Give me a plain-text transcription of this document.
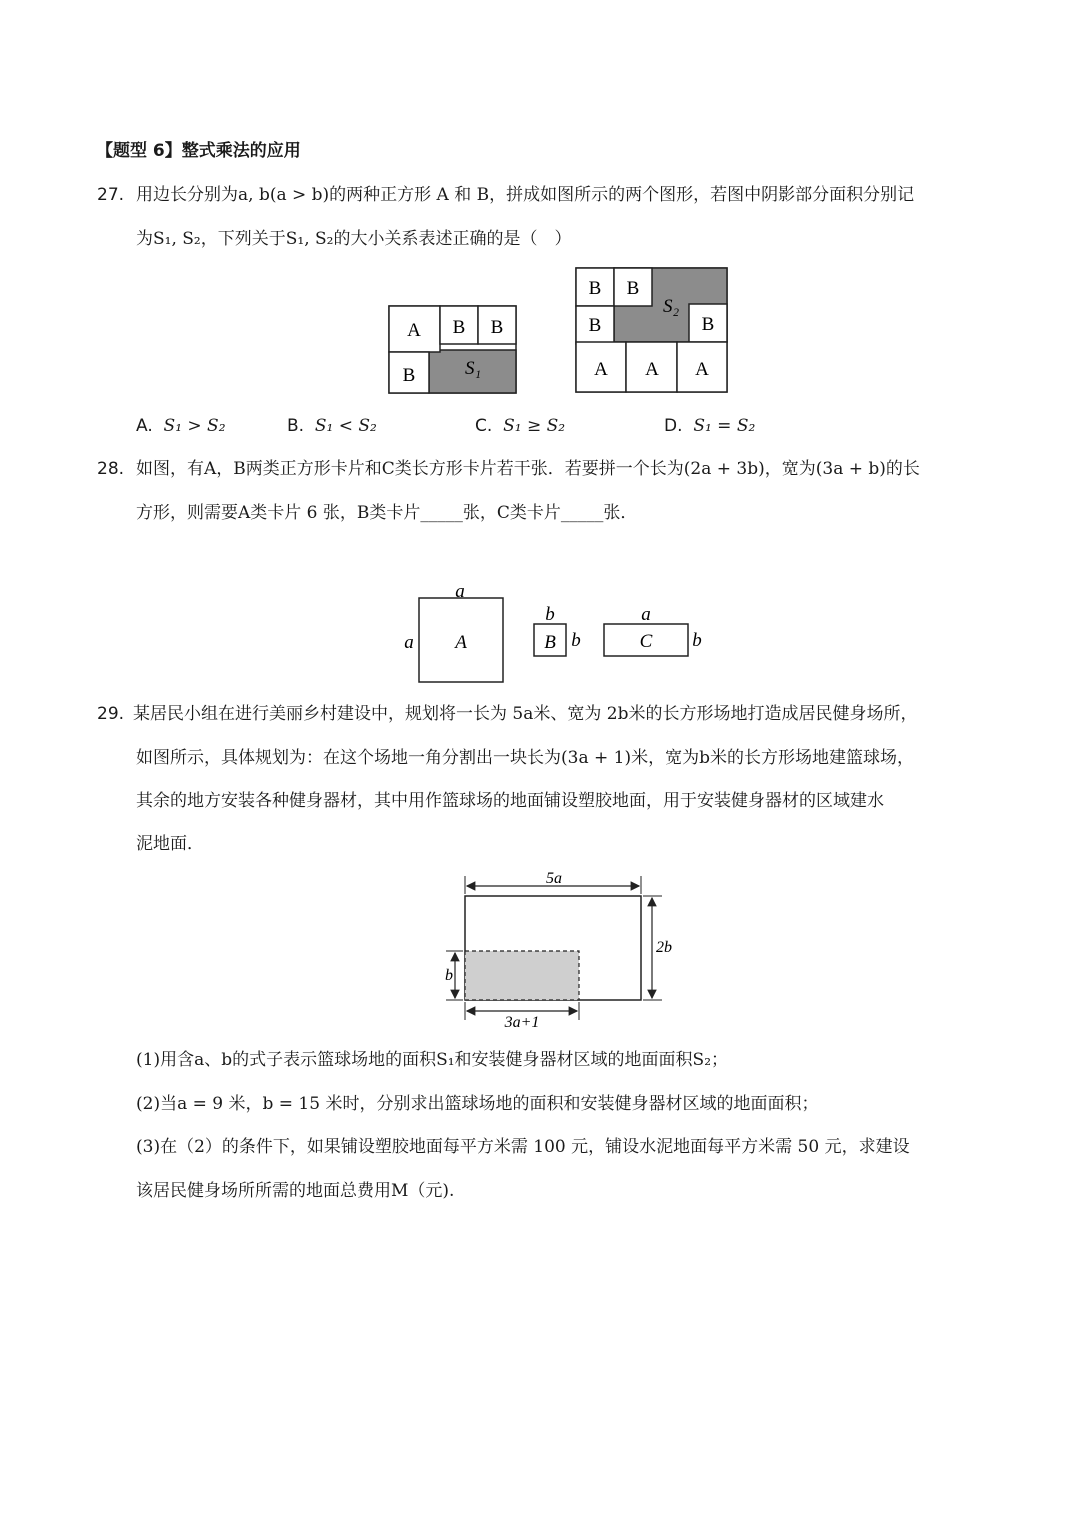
【题型 6】整式乘法的应用
27. 用边长分别为a, b(a > b)的两种正方形 A 和 B，拼成如图所示的两个图形，若图中阴影部分面积分别记
为S₁, S₂，下列关于S₁, S₂的大小关系表述正确的是（　）
A B B
B	S₁
B B
B	B
A A A
S₂
A. S₁ > S₂	B. S₁ < S₂	C. S₁ ≥ S₂	D. S₁ = S₂
28. 如图，有A，B两类正方形卡片和C类长方形卡片若干张．若要拼一个长为(2a + 3b)，宽为(3a + b)的长
方形，则需要A类卡片 6 张，B类卡片_____张，C类卡片_____张．
a
a A
b
b
B
a
b
C
29. 某居民小组在进行美丽乡村建设中，规划将一长为 5a米、宽为 2b米的长方形场地打造成居民健身场所，
如图所示，具体规划为：在这个场地一角分割出一块长为(3a + 1)米，宽为b米的长方形场地建篮球场，
其余的地方安装各种健身器材，其中用作篮球场的地面铺设塑胶地面，用于安装健身器材的区域建水
泥地面．
5a
2b
b
3a+1
(1)用含a、b的式子表示篮球场地的面积S₁和安装健身器材区域的地面面积S₂；
(2)当a = 9 米，b = 15 米时，分别求出篮球场地的面积和安装健身器材区域的地面面积；
(3)在（2）的条件下，如果铺设塑胶地面每平方米需 100 元，铺设水泥地面每平方米需 50 元，求建设
该居民健身场所所需的地面总费用M（元).
